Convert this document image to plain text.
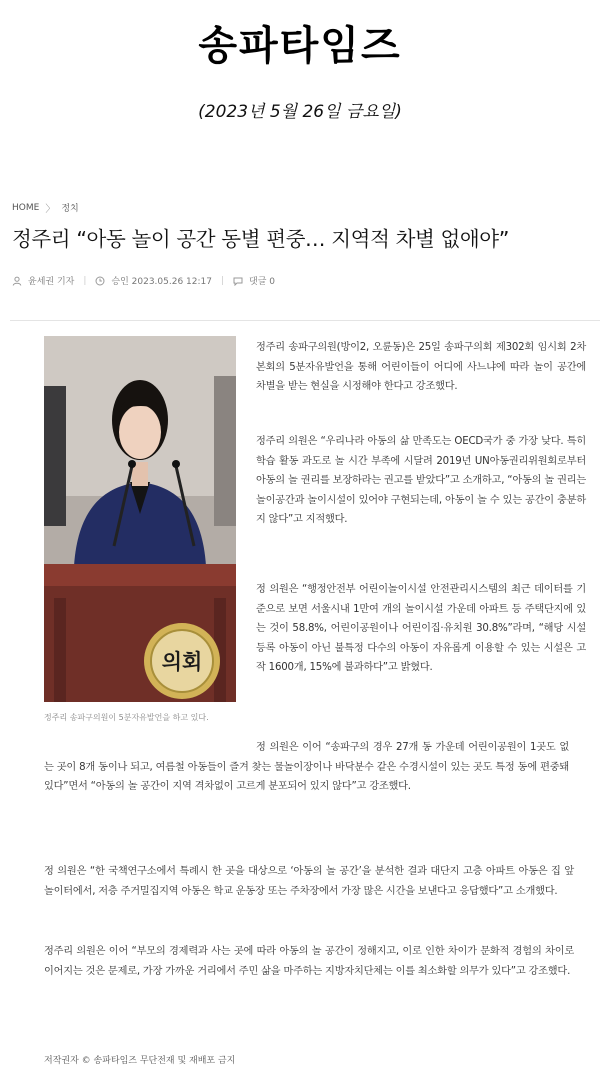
송파타임즈
(2023년 5월 26일 금요일)
HOME 〉 정치
정주리 “아동 놀이 공간 동별 편중… 지역적 차별 없애야”
윤세권 기자 |	승인 2023.05.26 12:17 |	댓글 0
의회
정주리 송파구의원이 5분자유발언을 하고 있다.
정주리 송파구의원(방이2, 오륜동)은 25일 송파구의회 제302회 임시회 2차 본회의 5분자유발언을 통해 어린이들이 어디에 사느냐에 따라 놀이 공간에 차별을 받는 현실을 시정해야 한다고 강조했다.
정주리 의원은 “우리나라 아동의 삶 만족도는 OECD국가 중 가장 낮다. 특히 학습 활동 과도로 놀 시간 부족에 시달려 2019년 UN아동권리위원회로부터 아동의 놀 권리를 보장하라는 권고를 받았다”고 소개하고, “아동의 놀 권리는 놀이공간과 놀이시설이 있어야 구현되는데, 아동이 놀 수 있는 공간이 충분하지 않다”고 지적했다.
정 의원은 “행정안전부 어린이놀이시설 안전관리시스템의 최근 데이터를 기준으로 보면 서울시내 1만여 개의 놀이시설 가운데 아파트 등 주택단지에 있는 것이 58.8%, 어린이공원이나 어린이집·유치원 30.8%”라며, “해당 시설 등록 아동이 아닌 불특정 다수의 아동이 자유롭게 이용할 수 있는 시설은 고작 1600개, 15%에 불과하다”고 밝혔다.
정 의원은 이어 “송파구의 경우 27개 동 가운데 어린이공원이 1곳도 없는 곳이 8개 동이나 되고, 여름철 아동들이 즐겨 찾는 물놀이장이나 바닥분수 같은 수경시설이 있는 곳도 특정 동에 편중돼 있다”면서 “아동의 놀 공간이 지역 격차없이 고르게 분포되어 있지 않다”고 강조했다.
정 의원은 “한 국책연구소에서 특례시 한 곳을 대상으로 ‘아동의 놀 공간’을 분석한 결과 대단지 고층 아파트 아동은 집 앞 놀이터에서, 저층 주거밀집지역 아동은 학교 운동장 또는 주차장에서 가장 많은 시간을 보낸다고 응답했다”고 소개했다.
정주리 의원은 이어 “부모의 경제력과 사는 곳에 따라 아동의 놀 공간이 정해지고, 이로 인한 차이가 문화적 경험의 차이로 이어지는 것은 문제로, 가장 가까운 거리에서 주민 삶을 마주하는 지방자치단체는 이를 최소화할 의무가 있다”고 강조했다.
저작권자 © 송파타임즈 무단전재 및 재배포 금지
